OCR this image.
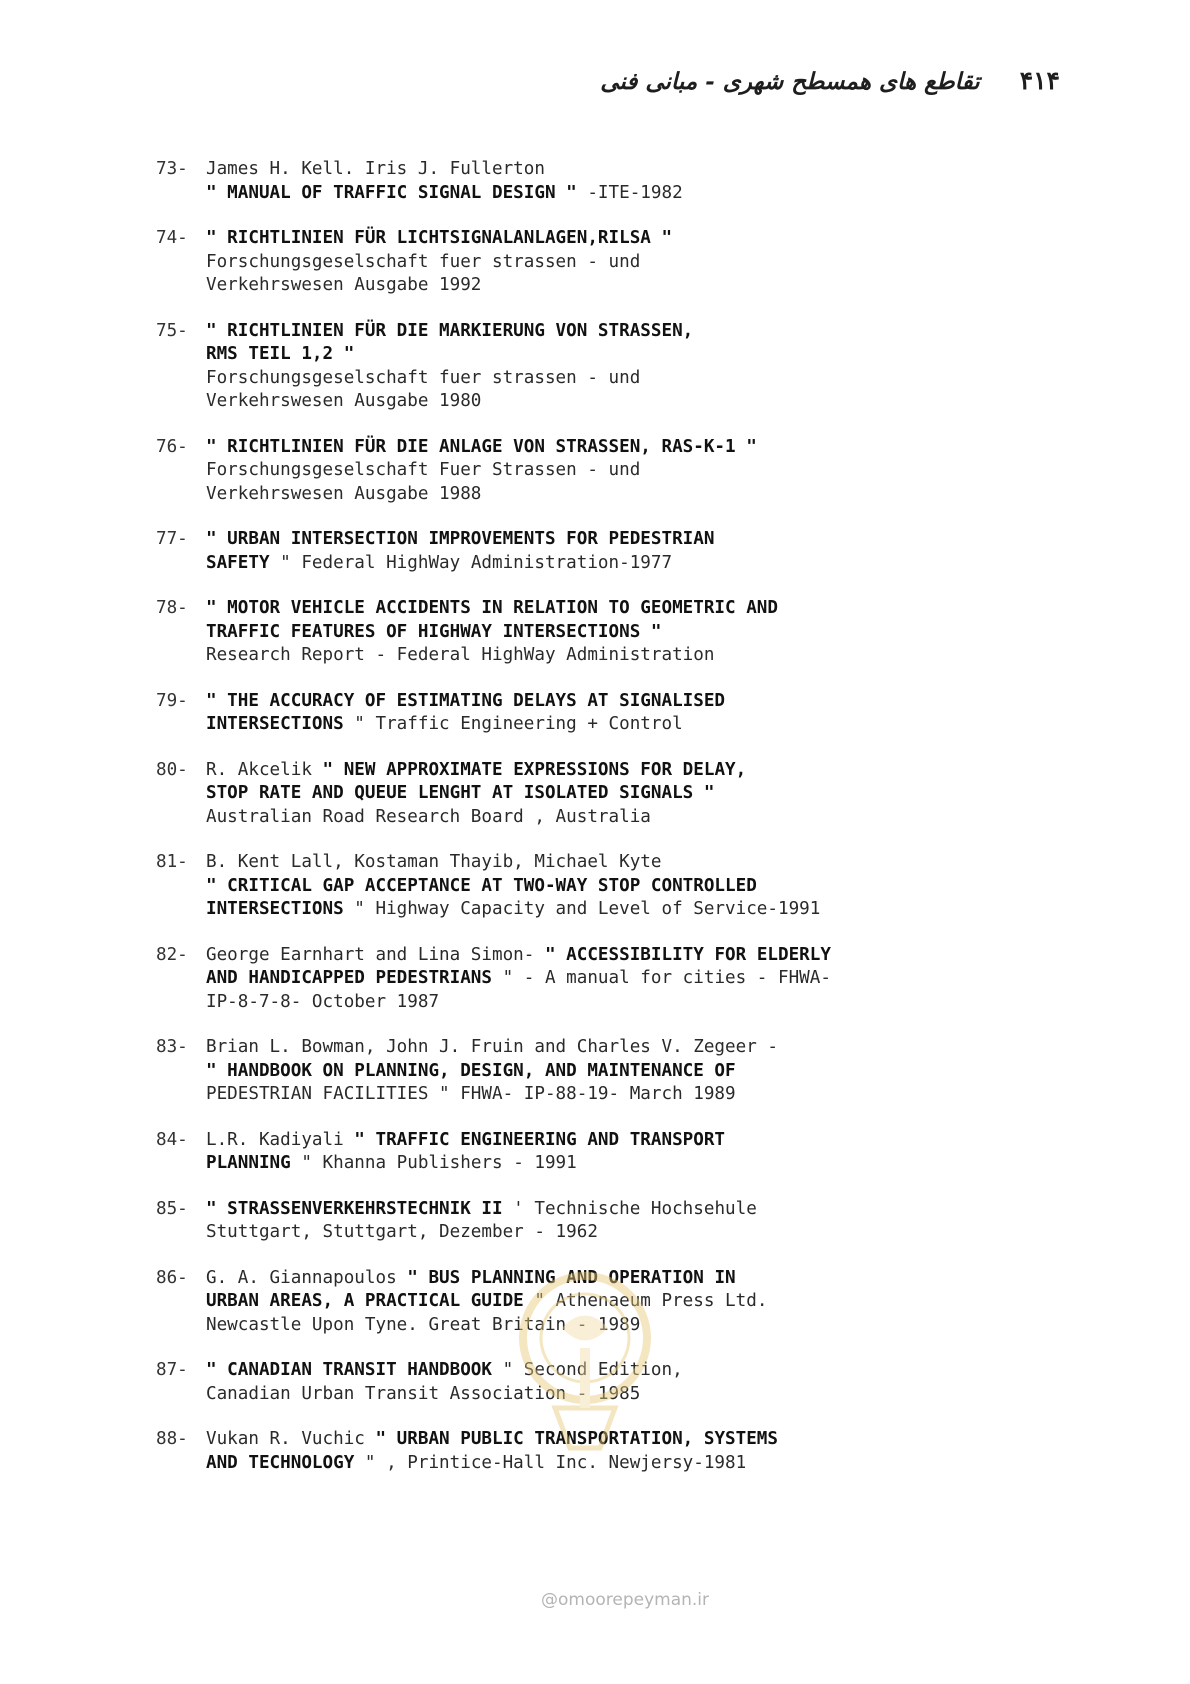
۴۱۴
تقاطع های همسطح شهری - مبانی فنی
73-	James H. Kell. Iris J. Fullerton
" MANUAL OF TRAFFIC SIGNAL DESIGN " -ITE-1982
74-	" RICHTLINIEN FÜR LICHTSIGNALANLAGEN,RILSA "
Forschungsgeselschaft fuer strassen - und
Verkehrswesen Ausgabe 1992
75-	" RICHTLINIEN FÜR DIE MARKIERUNG VON STRASSEN,
RMS TEIL 1,2 "
Forschungsgeselschaft fuer strassen - und
Verkehrswesen Ausgabe 1980
76-	" RICHTLINIEN FÜR DIE ANLAGE VON STRASSEN, RAS-K-1 "
Forschungsgeselschaft Fuer Strassen - und
Verkehrswesen Ausgabe 1988
77-	" URBAN INTERSECTION IMPROVEMENTS FOR PEDESTRIAN
SAFETY " Federal HighWay Administration-1977
78-	" MOTOR VEHICLE ACCIDENTS IN RELATION TO GEOMETRIC AND
TRAFFIC FEATURES OF HIGHWAY INTERSECTIONS "
Research Report - Federal HighWay Administration
79-	" THE ACCURACY OF ESTIMATING DELAYS AT SIGNALISED
INTERSECTIONS " Traffic Engineering + Control
80-	R. Akcelik " NEW APPROXIMATE EXPRESSIONS FOR DELAY,
STOP RATE AND QUEUE LENGHT AT ISOLATED SIGNALS "
Australian Road Research Board , Australia
81-	B. Kent Lall, Kostaman Thayib, Michael Kyte
" CRITICAL GAP ACCEPTANCE AT TWO-WAY STOP CONTROLLED
INTERSECTIONS " Highway Capacity and Level of Service-1991
82-	George Earnhart and Lina Simon- " ACCESSIBILITY FOR ELDERLY
AND HANDICAPPED PEDESTRIANS " - A manual for cities - FHWA-
IP-8-7-8- October 1987
83-	Brian L. Bowman, John J. Fruin and Charles V. Zegeer -
" HANDBOOK ON PLANNING, DESIGN, AND MAINTENANCE OF
PEDESTRIAN FACILITIES " FHWA- IP-88-19- March 1989
84-	L.R. Kadiyali " TRAFFIC ENGINEERING AND TRANSPORT
PLANNING " Khanna Publishers - 1991
85-	" STRASSENVERKEHRSTECHNIK II ' Technische Hochsehule
Stuttgart, Stuttgart, Dezember - 1962
86-	G. A. Giannapoulos " BUS PLANNING AND OPERATION IN
URBAN AREAS, A PRACTICAL GUIDE " Athenaeum Press Ltd.
Newcastle Upon Tyne. Great Britain - 1989
87-	" CANADIAN TRANSIT HANDBOOK " Second Edition,
Canadian Urban Transit Association - 1985
88-	Vukan R. Vuchic " URBAN PUBLIC TRANSPORTATION, SYSTEMS
AND TECHNOLOGY " , Printice-Hall Inc. Newjersy-1981
@omoorepeyman.ir
